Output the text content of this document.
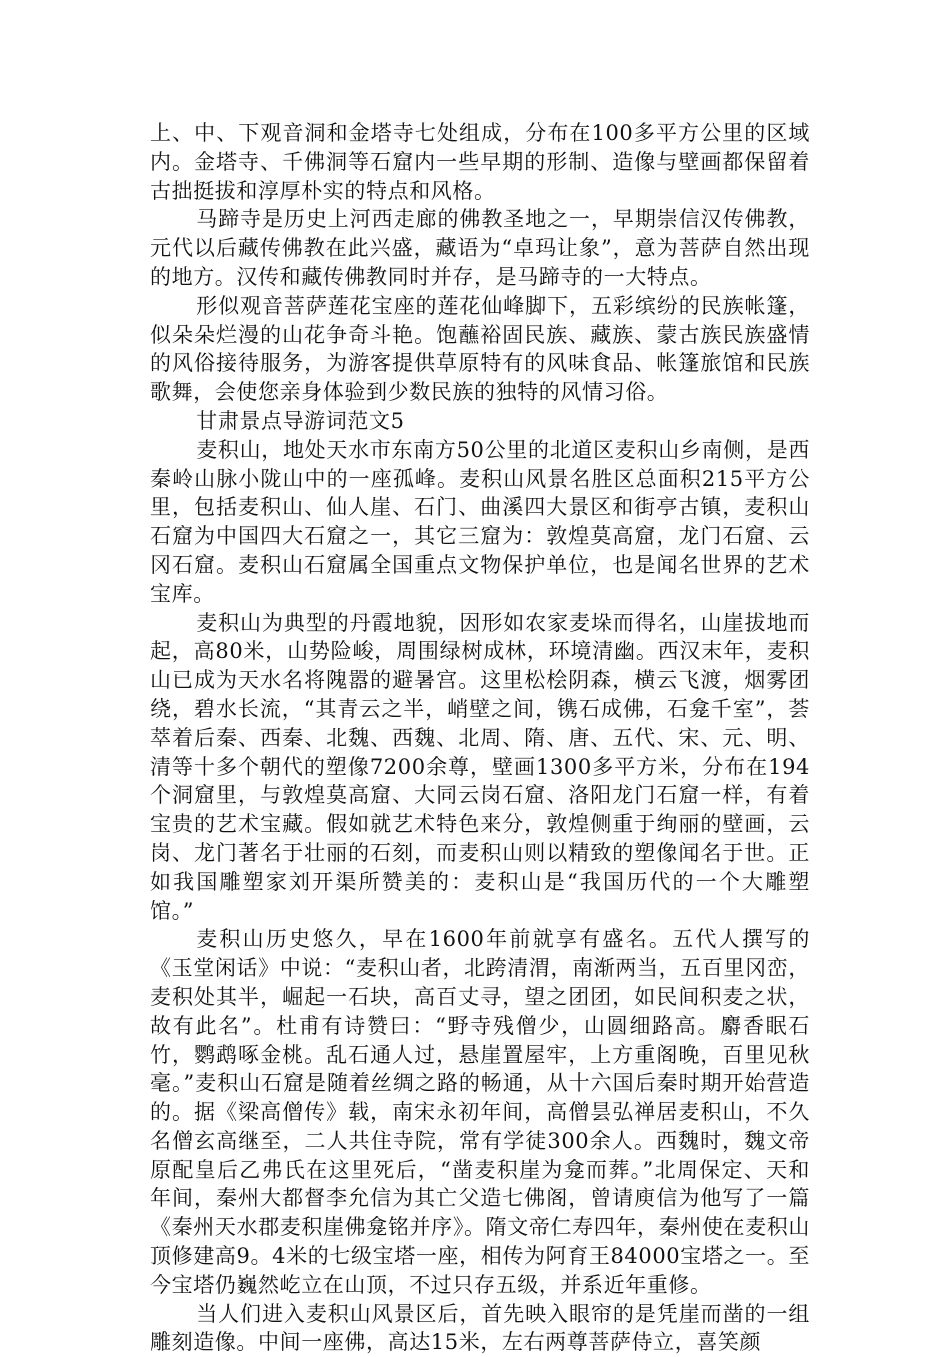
上、中、下观音洞和金塔寺七处组成，分布在100多平方公里的区域内。金塔寺、千佛洞等石窟内一些早期的形制、造像与壁画都保留着古拙挺拔和淳厚朴实的特点和风格。

马蹄寺是历史上河西走廊的佛教圣地之一，早期崇信汉传佛教，元代以后藏传佛教在此兴盛，藏语为“卓玛让象”，意为菩萨自然出现的地方。汉传和藏传佛教同时并存，是马蹄寺的一大特点。

形似观音菩萨莲花宝座的莲花仙峰脚下，五彩缤纷的民族帐篷，似朵朵烂漫的山花争奇斗艳。饱蘸裕固民族、藏族、蒙古族民族盛情的风俗接待服务，为游客提供草原特有的风味食品、帐篷旅馆和民族歌舞，会使您亲身体验到少数民族的独特的风情习俗。

甘肃景点导游词范文5

麦积山，地处天水市东南方50公里的北道区麦积山乡南侧，是西秦岭山脉小陇山中的一座孤峰。麦积山风景名胜区总面积215平方公里，包括麦积山、仙人崖、石门、曲溪四大景区和街亭古镇，麦积山石窟为中国四大石窟之一，其它三窟为：敦煌莫高窟，龙门石窟、云冈石窟。麦积山石窟属全国重点文物保护单位，也是闻名世界的艺术宝库。

麦积山为典型的丹霞地貌，因形如农家麦垛而得名，山崖拔地而起，高80米，山势险峻，周围绿树成林，环境清幽。西汉末年，麦积山已成为天水名将隗嚣的避暑宫。这里松桧阴森，横云飞渡，烟雾团绕，碧水长流，“其青云之半，峭壁之间，镌石成佛，石龛千室”，荟萃着后秦、西秦、北魏、西魏、北周、隋、唐、五代、宋、元、明、清等十多个朝代的塑像7200余尊，壁画1300多平方米，分布在194个洞窟里，与敦煌莫高窟、大同云岗石窟、洛阳龙门石窟一样，有着宝贵的艺术宝藏。假如就艺术特色来分，敦煌侧重于绚丽的壁画，云岗、龙门著名于壮丽的石刻，而麦积山则以精致的塑像闻名于世。正如我国雕塑家刘开渠所赞美的：麦积山是“我国历代的一个大雕塑馆。”

麦积山历史悠久，早在1600年前就享有盛名。五代人撰写的《玉堂闲话》中说：“麦积山者，北跨清渭，南渐两当，五百里冈峦，麦积处其半，崛起一石块，高百丈寻，望之团团，如民间积麦之状，故有此名”。杜甫有诗赞曰：“野寺残僧少，山圆细路高。麝香眠石竹，鹦鹉啄金桃。乱石通人过，悬崖置屋牢，上方重阁晚，百里见秋毫。”麦积山石窟是随着丝绸之路的畅通，从十六国后秦时期开始营造的。据《梁高僧传》载，南宋永初年间，高僧昙弘禅居麦积山，不久名僧玄高继至，二人共住寺院，常有学徒300余人。西魏时，魏文帝原配皇后乙弗氏在这里死后，“凿麦积崖为龛而葬。”北周保定、天和年间，秦州大都督李允信为其亡父造七佛阁，曾请庾信为他写了一篇《秦州天水郡麦积崖佛龛铭并序》。隋文帝仁寿四年，秦州使在麦积山顶修建高9。4米的七级宝塔一座，相传为阿育王84000宝塔之一。至今宝塔仍巍然屹立在山顶，不过只存五级，并系近年重修。

当人们进入麦积山风景区后，首先映入眼帘的是凭崖而凿的一组雕刻造像。中间一座佛，高达15米，左右两尊菩萨侍立，喜笑颜
